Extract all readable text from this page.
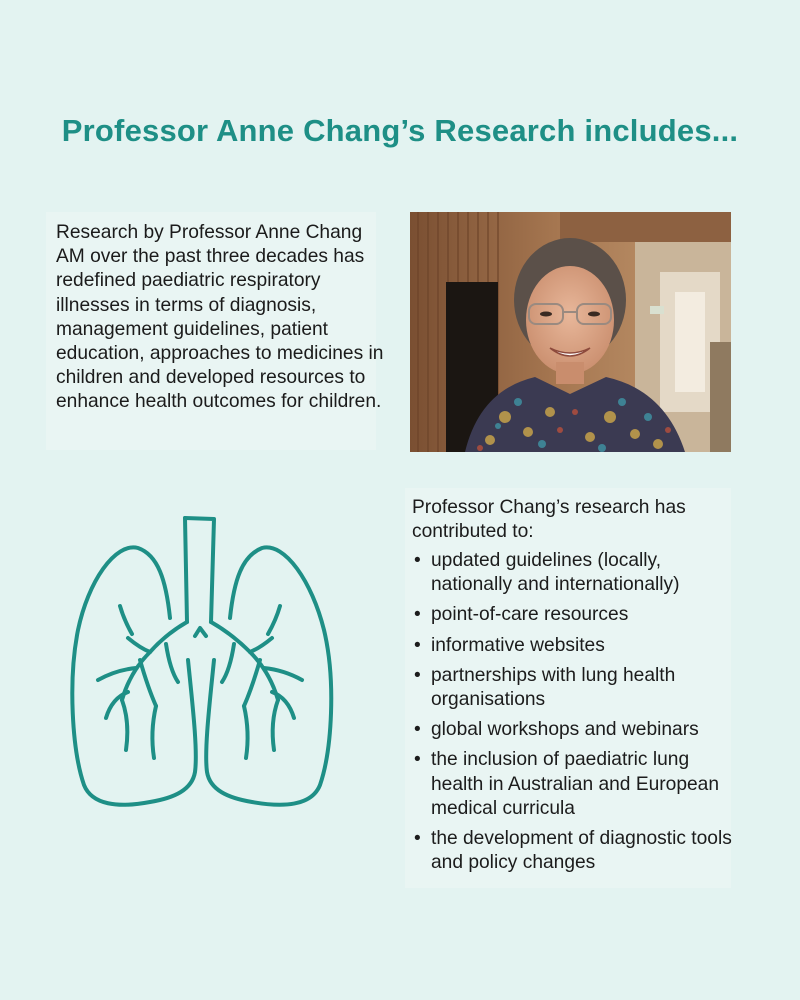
Professor Anne Chang’s Research includes...

Research by Professor Anne Chang AM over the past three decades has redefined paediatric respiratory illnesses in terms of diagnosis, management guidelines, patient education, approaches to medicines in children and developed resources to enhance health outcomes for children.

Professor Chang’s research has contributed to:

• updated guidelines (locally, nationally and internationally)
• point-of-care resources
• informative websites
• partnerships with lung health organisations
• global workshops and webinars
• the inclusion of paediatric lung health in Australian and European medical curricula
• the development of diagnostic tools and policy changes
